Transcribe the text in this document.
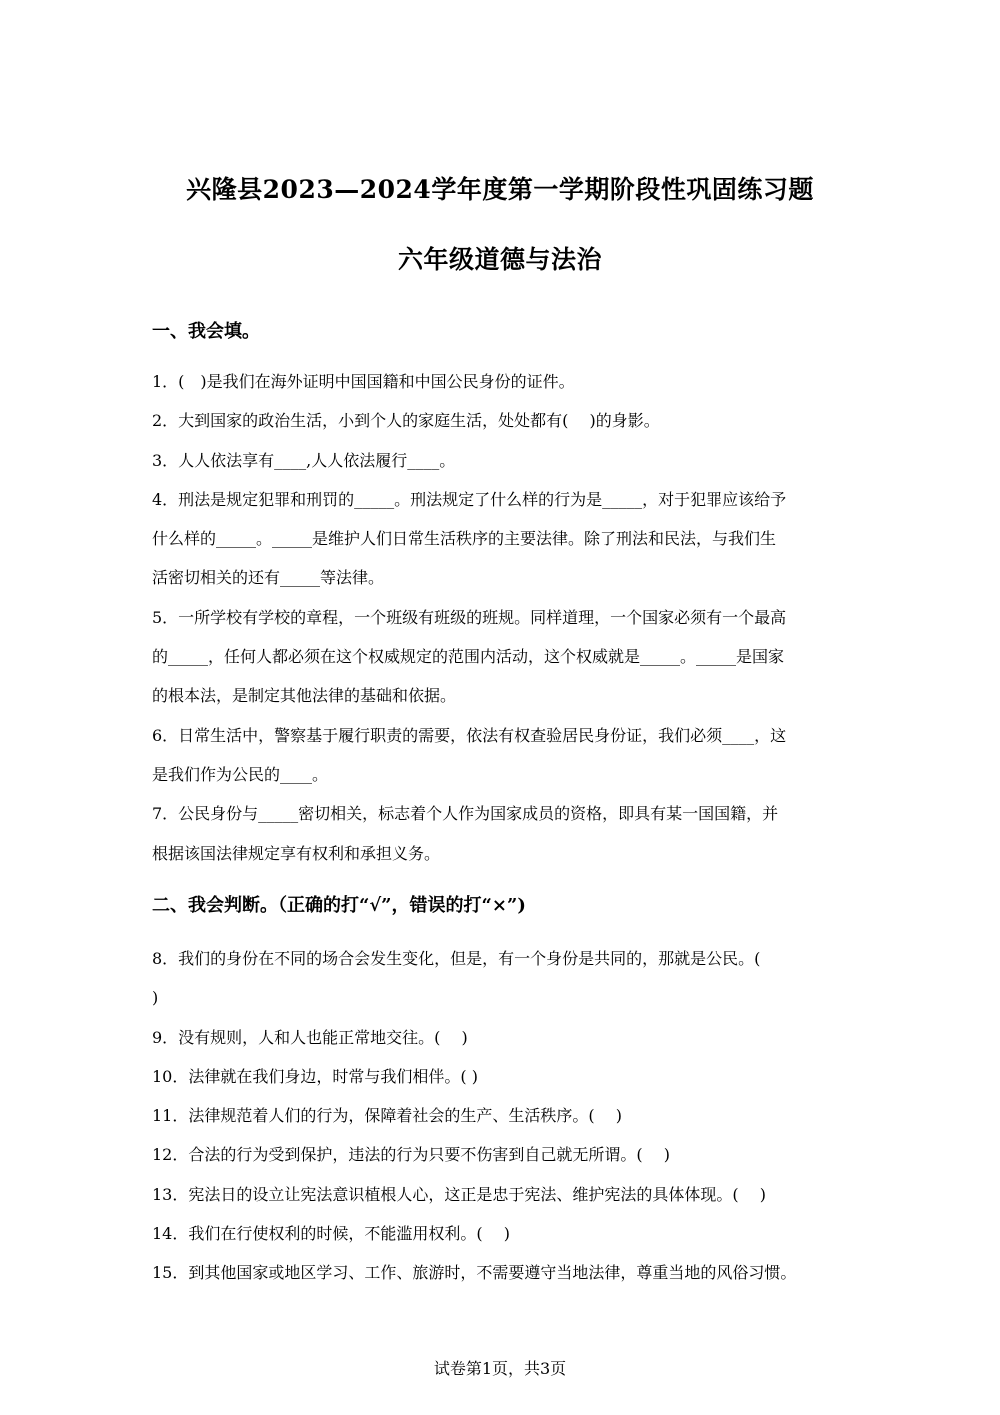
兴隆县2023—2024学年度第一学期阶段性巩固练习题
六年级道德与法治
一、我会填。
1．(　)是我们在海外证明中国国籍和中国公民身份的证件。
2．大到国家的政治生活，小到个人的家庭生活，处处都有(　 )的身影。
3．人人依法享有____,人人依法履行____。
4．刑法是规定犯罪和刑罚的_____。刑法规定了什么样的行为是_____，对于犯罪应该给予
什么样的_____。_____是维护人们日常生活秩序的主要法律。除了刑法和民法，与我们生
活密切相关的还有_____等法律。
5．一所学校有学校的章程，一个班级有班级的班规。同样道理，一个国家必须有一个最高
的_____，任何人都必须在这个权威规定的范围内活动，这个权威就是_____。_____是国家
的根本法，是制定其他法律的基础和依据。
6．日常生活中，警察基于履行职责的需要，依法有权查验居民身份证，我们必须____，这
是我们作为公民的____。
7．公民身份与_____密切相关，标志着个人作为国家成员的资格，即具有某一国国籍，并
根据该国法律规定享有权利和承担义务。
二、我会判断。（正确的打“√”，错误的打“×”)
8．我们的身份在不同的场合会发生变化，但是，有一个身份是共同的，那就是公民。(
)
9．没有规则，人和人也能正常地交往。(　 )
10．法律就在我们身边，时常与我们相伴。( )
11．法律规范着人们的行为，保障着社会的生产、生活秩序。(　 )
12．合法的行为受到保护，违法的行为只要不伤害到自己就无所谓。(　 )
13．宪法日的设立让宪法意识植根人心，这正是忠于宪法、维护宪法的具体体现。(　 )
14．我们在行使权利的时候，不能滥用权利。(　 )
15．到其他国家或地区学习、工作、旅游时，不需要遵守当地法律，尊重当地的风俗习惯。
试卷第1页，共3页
